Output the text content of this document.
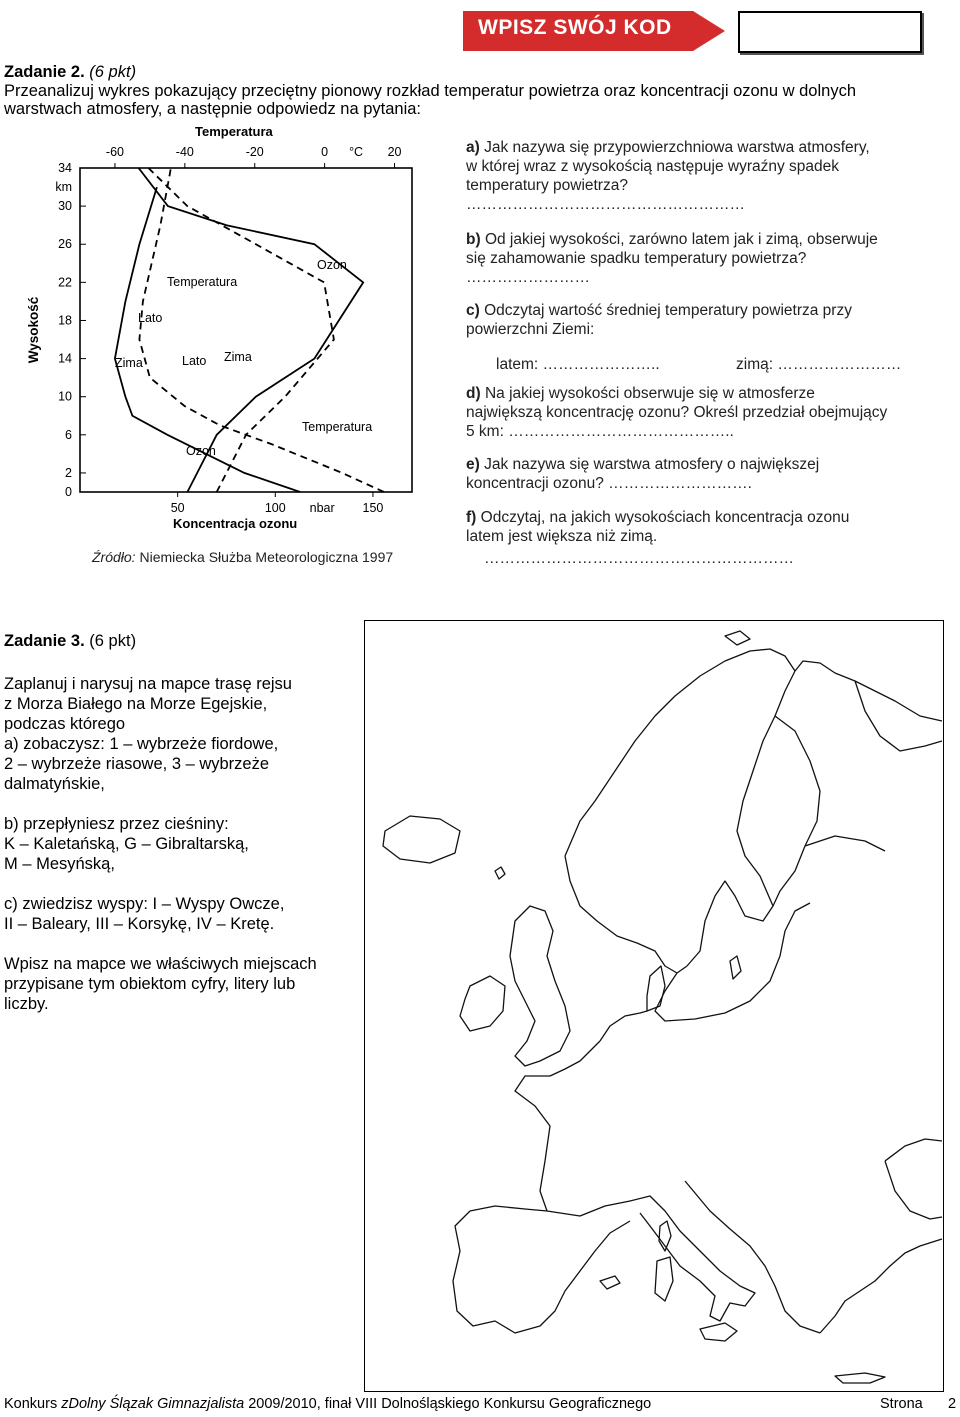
WPISZ SWÓJ KOD
Zadanie 2. (6 pkt)
Przeanalizuj wykres pokazujący przeciętny pionowy rozkład temperatur powietrza oraz koncentracji ozonu w dolnych
warstwach atmosfery, a następnie odpowiedz na pytania:
Temperatura
-60	-40	-20	0 °C 20
50	100 nbar 150
Koncentracja ozonu
34
30
26
22
18
14
10
6
2
0
km
Wysokość
Temperatura
Ozon
Lato
Zima	Lato Zima
Temperatura
Ozon
Źródło: Niemiecka Służba Meteorologiczna 1997
a) Jak nazywa się przypowierzchniowa warstwa atmosfery,
w której wraz z wysokością następuje wyraźny spadek
temperatury powietrza?
………………………………………………
b) Od jakiej wysokości, zarówno latem jak i zimą, obserwuje
się zahamowanie spadku temperatury powietrza?
……………………
c) Odczytaj wartość średniej temperatury powietrza przy
powierzchni Ziemi:
latem: …………………..	zimą: ……………………
d) Na jakiej wysokości obserwuje się w atmosferze
największą koncentrację ozonu? Określ przedział obejmujący
5 km: ……………………………………..
e) Jak nazywa się warstwa atmosfery o największej
koncentracji ozonu? ……………………….
f) Odczytaj, na jakich wysokościach koncentracja ozonu
latem jest większa niż zimą.
……………………………………………………
Zadanie 3. (6 pkt)
Zaplanuj i narysuj na mapce trasę rejsu
z Morza Białego na Morze Egejskie,
podczas którego
a) zobaczysz: 1 – wybrzeże fiordowe,
2 – wybrzeże riasowe, 3 – wybrzeże
dalmatyńskie,
b) przepłyniesz przez cieśniny:
K – Kaletańską, G – Gibraltarską,
M – Mesyńską,
c) zwiedzisz wyspy: I – Wyspy Owcze,
II – Baleary, III – Korsykę, IV – Kretę.
Wpisz na mapce we właściwych miejscach
przypisane tym obiektom cyfry, litery lub
liczby.
Konkurs zDolny Ślązak Gimnazjalista 2009/2010, finał VIII Dolnośląskiego Konkursu Geograficznego	Strona 2
